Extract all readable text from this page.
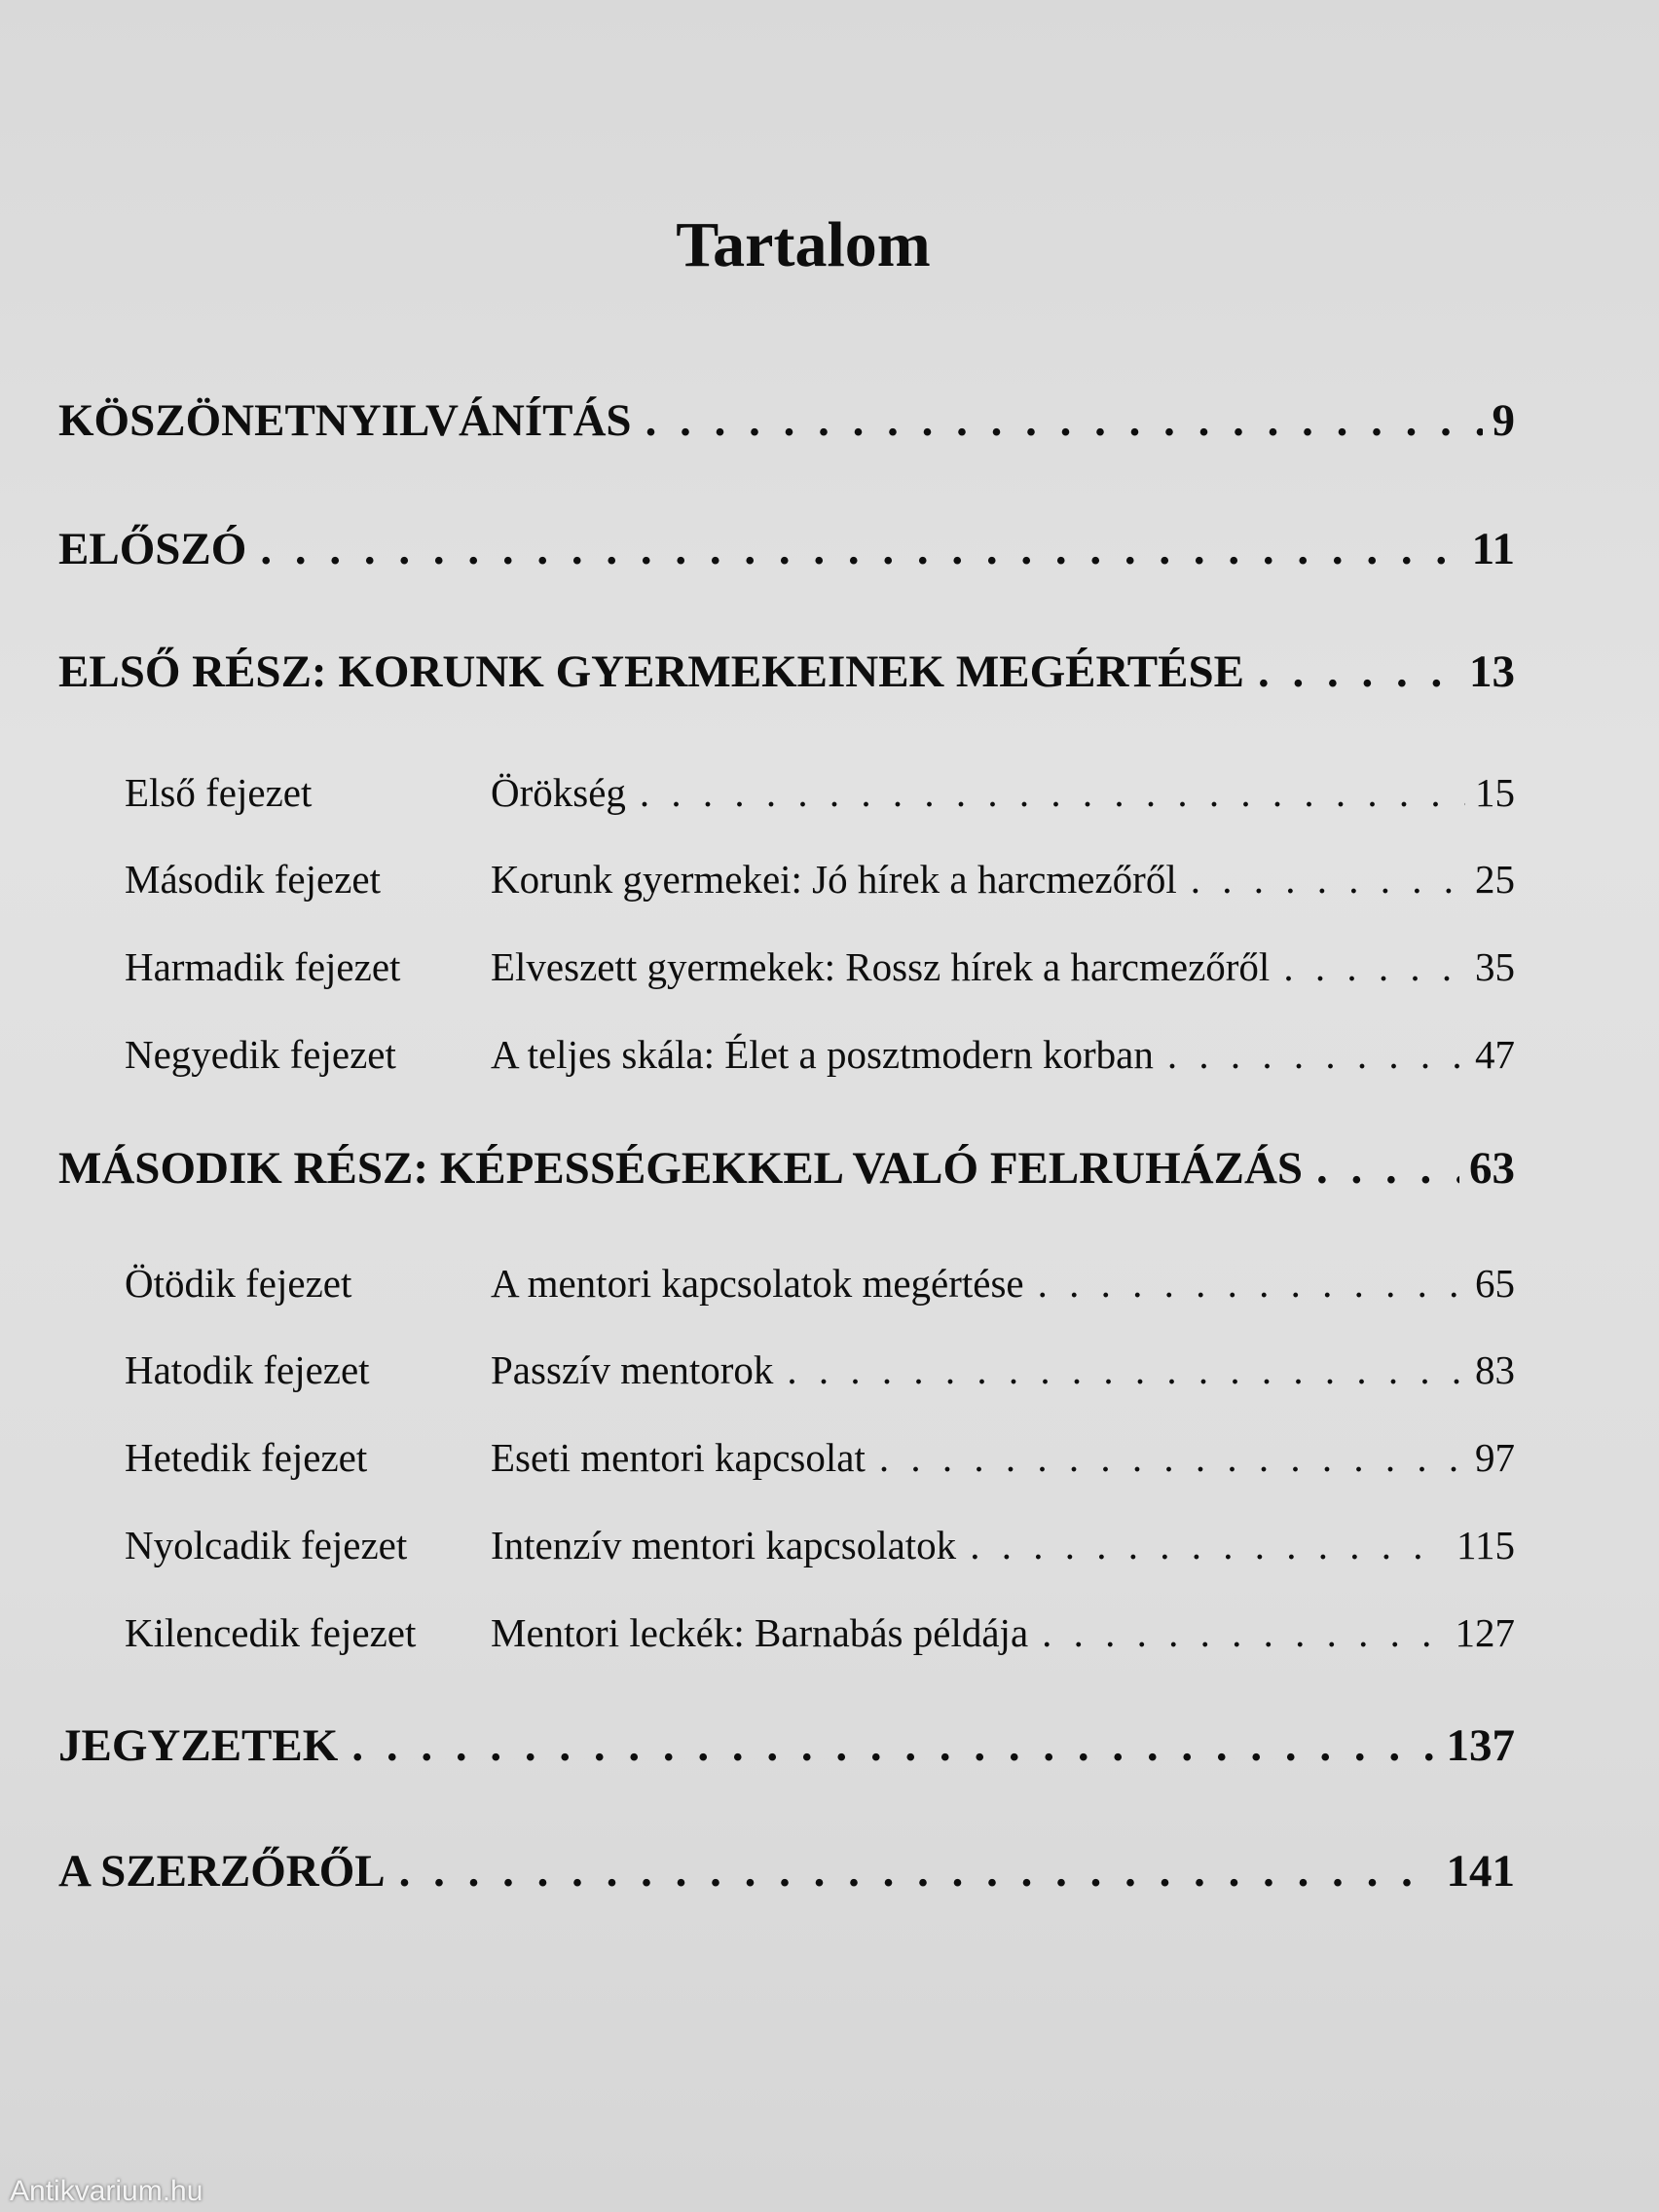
Tartalom
KÖSZÖNETNYILVÁNÍTÁS . . .	9
ELŐSZÓ . . .	11
ELSŐ RÉSZ: KORUNK GYERMEKEINEK MEGÉRTÉSE . . .	13
Első fejezet	Örökség . . .	15
Második fejezet	Korunk gyermekei: Jó hírek a harcmezőről . . .	25
Harmadik fejezet	Elveszett gyermekek: Rossz hírek a harcmezőről . . .	35
Negyedik fejezet	A teljes skála: Élet a posztmodern korban . . .	47
MÁSODIK RÉSZ: KÉPESSÉGEKKEL VALÓ FELRUHÁZÁS . . .	63
Ötödik fejezet	A mentori kapcsolatok megértése . . .	65
Hatodik fejezet	Passzív mentorok . . .	83
Hetedik fejezet	Eseti mentori kapcsolat . . .	97
Nyolcadik fejezet	Intenzív mentori kapcsolatok . . .	115
Kilencedik fejezet	Mentori leckék: Barnabás példája . . .	127
JEGYZETEK . . .	137
A SZERZŐRŐL . . .	141
Antikvarium.hu
